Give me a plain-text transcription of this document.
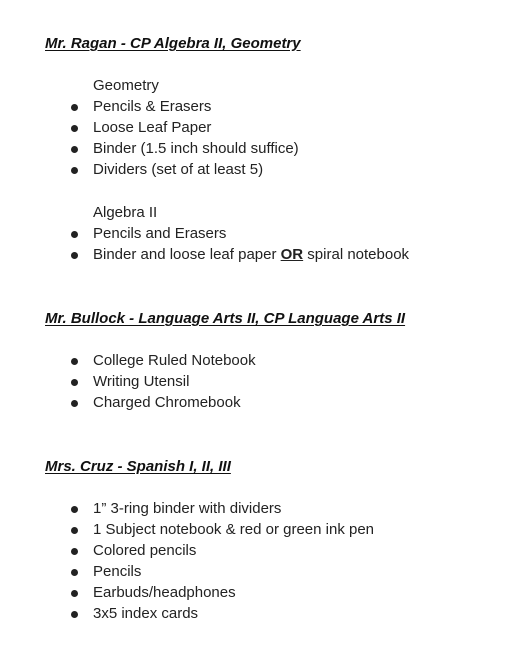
Mr. Ragan - CP Algebra II, Geometry
Geometry
Pencils & Erasers
Loose Leaf Paper
Binder (1.5 inch should suffice)
Dividers (set of at least 5)
Algebra II
Pencils and Erasers
Binder and loose leaf paper OR spiral notebook
Mr. Bullock - Language Arts II, CP Language Arts II
College Ruled Notebook
Writing Utensil
Charged Chromebook
Mrs. Cruz - Spanish I, II, III
1” 3-ring binder with dividers
1 Subject notebook & red or green ink pen
Colored pencils
Pencils
Earbuds/headphones
3x5 index cards
